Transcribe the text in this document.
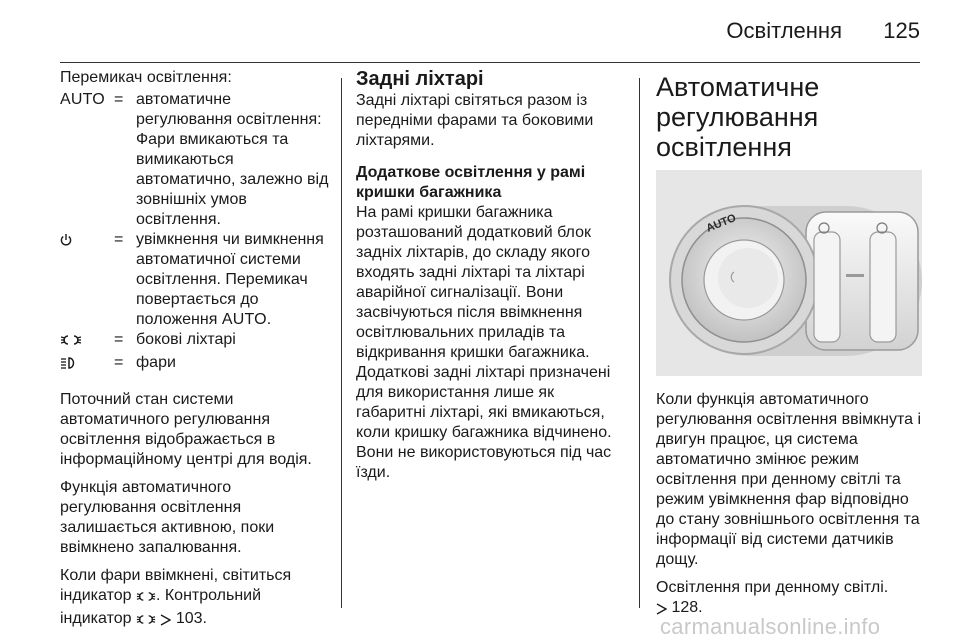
Освітлення 125

Перемикач освітлення:

AUTO	=	автоматичне регулювання освітлення: Фари вмикаються та вимикаються автоматично, залежно від зовнішніх умов освітлення.
	=	увімкнення чи вимкнення автоматичної системи освітлення. Перемикач повертається до положення AUTO.
	=	бокові ліхтарі
	=	фари

Поточний стан системи автоматичного регулювання освітлення відображається в інформаційному центрі для водія.

Функція автоматичного регулювання освітлення залишається активною, поки ввімкнено запалювання.

Коли фари ввімкнені, світиться індикатор . Контрольний індикатор   103.

Задні ліхтарі

Задні ліхтарі світяться разом із передніми фарами та боковими ліхтарями.

Додаткове освітлення у рамі кришки багажника

На рамі кришки багажника розташований додатковий блок задніх ліхтарів, до складу якого входять задні ліхтарі та ліхтарі аварійної сигналізації. Вони засвічуються після ввімкнення освітлювальних приладів та відкривання кришки багажника. Додаткові задні ліхтарі призначені для використання лише як габаритні ліхтарі, які вмикаються, коли кришку багажника відчинено. Вони не використовуються під час їзди.

Автоматичне регулювання освітлення
AUTO

Коли функція автоматичного регулювання освітлення ввімкнута і двигун працює, ця система автоматично змінює режим освітлення при денному світлі та режим увімкнення фар відповідно до стану зовнішнього освітлення та інформації від системи датчиків дощу.

Освітлення при денному світлі.

128.

carmanualsonline.info
